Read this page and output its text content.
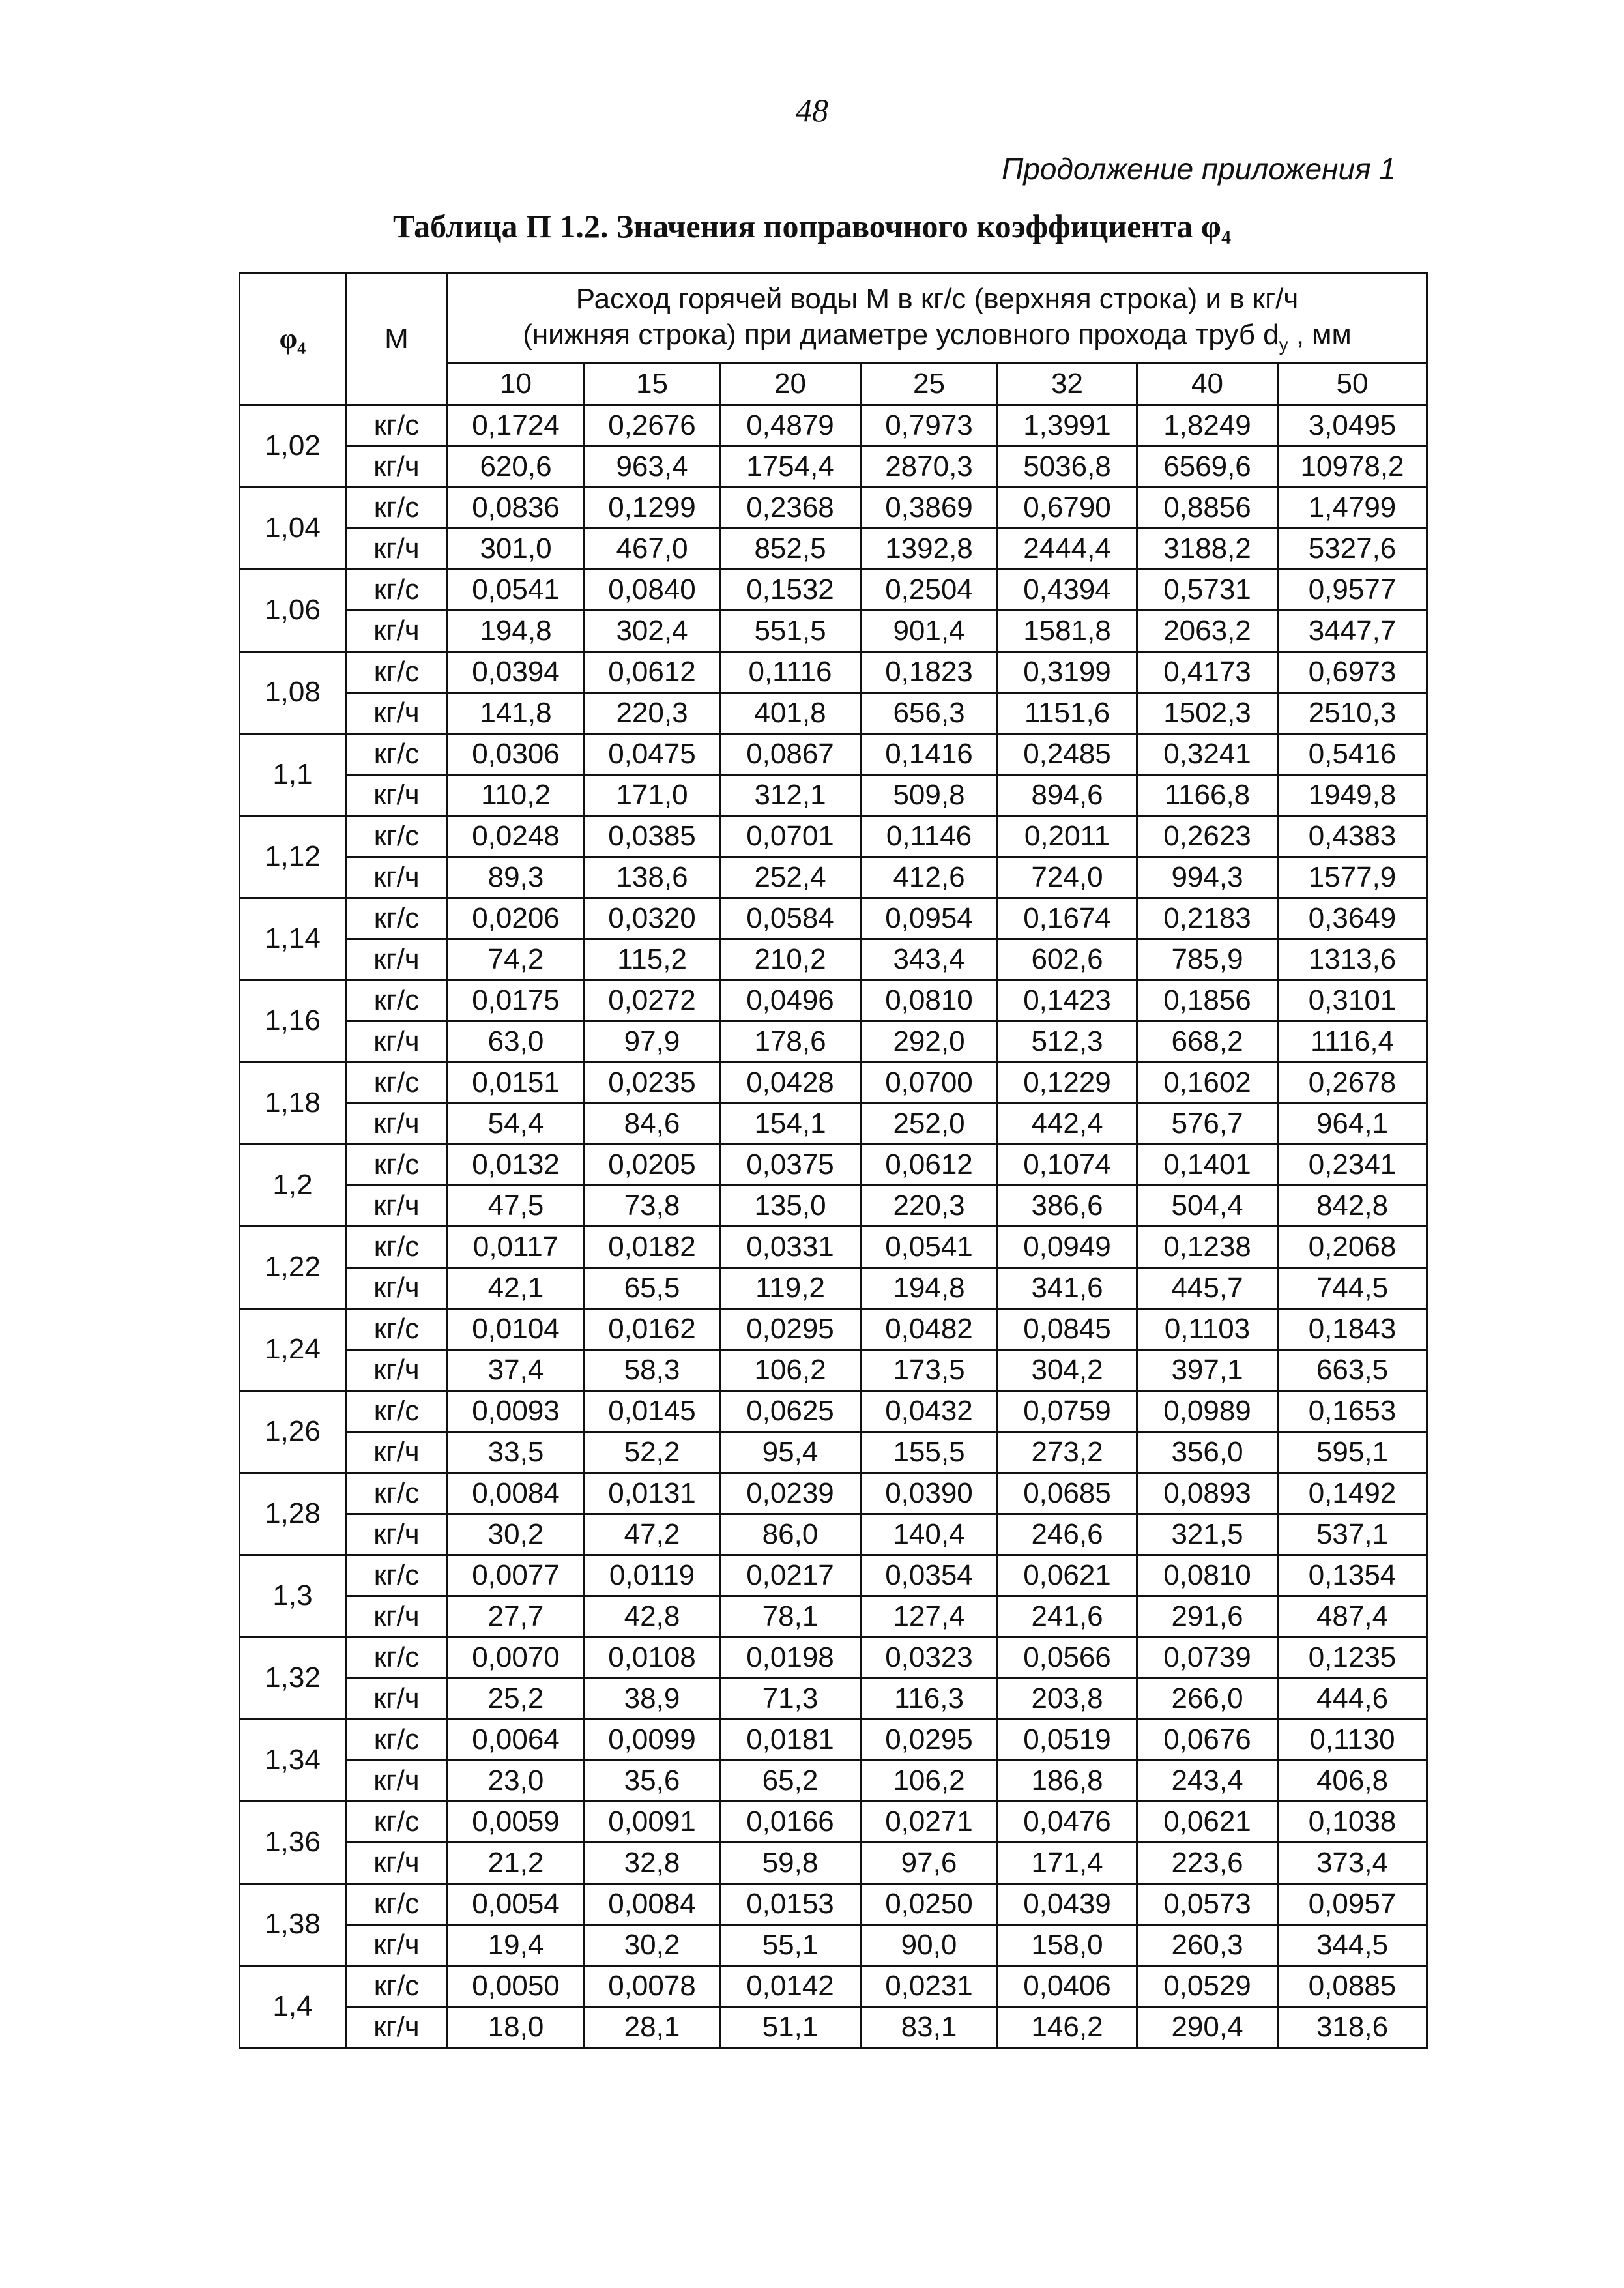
48
Продолжение приложения 1
Таблица П 1.2. Значения поправочного коэффициента φ₄
φ₄	М	Расход горячей воды М в кг/с (верхняя строка) и в кг/ч
(нижняя строка) при диаметре условного прохода труб $d_у$ , мм						

		10	15	20	25	32	40	50
1,02	кг/с	0,1724	0,2676	0,4879	0,7973	1,3991	1,8249	3,0495
	кг/ч	620,6	963,4	1754,4	2870,3	5036,8	6569,6	10978,2
1,04	кг/с	0,0836	0,1299	0,2368	0,3869	0,6790	0,8856	1,4799
	кг/ч	301,0	467,0	852,5	1392,8	2444,4	3188,2	5327,6
1,06	кг/с	0,0541	0,0840	0,1532	0,2504	0,4394	0,5731	0,9577
	кг/ч	194,8	302,4	551,5	901,4	1581,8	2063,2	3447,7
1,08	кг/с	0,0394	0,0612	0,1116	0,1823	0,3199	0,4173	0,6973
	кг/ч	141,8	220,3	401,8	656,3	1151,6	1502,3	2510,3
1,1	кг/с	0,0306	0,0475	0,0867	0,1416	0,2485	0,3241	0,5416
	кг/ч	110,2	171,0	312,1	509,8	894,6	1166,8	1949,8
1,12	кг/с	0,0248	0,0385	0,0701	0,1146	0,2011	0,2623	0,4383
	кг/ч	89,3	138,6	252,4	412,6	724,0	994,3	1577,9
1,14	кг/с	0,0206	0,0320	0,0584	0,0954	0,1674	0,2183	0,3649
	кг/ч	74,2	115,2	210,2	343,4	602,6	785,9	1313,6
1,16	кг/с	0,0175	0,0272	0,0496	0,0810	0,1423	0,1856	0,3101
	кг/ч	63,0	97,9	178,6	292,0	512,3	668,2	1116,4
1,18	кг/с	0,0151	0,0235	0,0428	0,0700	0,1229	0,1602	0,2678
	кг/ч	54,4	84,6	154,1	252,0	442,4	576,7	964,1
1,2	кг/с	0,0132	0,0205	0,0375	0,0612	0,1074	0,1401	0,2341
	кг/ч	47,5	73,8	135,0	220,3	386,6	504,4	842,8
1,22	кг/с	0,0117	0,0182	0,0331	0,0541	0,0949	0,1238	0,2068
	кг/ч	42,1	65,5	119,2	194,8	341,6	445,7	744,5
1,24	кг/с	0,0104	0,0162	0,0295	0,0482	0,0845	0,1103	0,1843
	кг/ч	37,4	58,3	106,2	173,5	304,2	397,1	663,5
1,26	кг/с	0,0093	0,0145	0,0625	0,0432	0,0759	0,0989	0,1653
	кг/ч	33,5	52,2	95,4	155,5	273,2	356,0	595,1
1,28	кг/с	0,0084	0,0131	0,0239	0,0390	0,0685	0,0893	0,1492
	кг/ч	30,2	47,2	86,0	140,4	246,6	321,5	537,1
1,3	кг/с	0,0077	0,0119	0,0217	0,0354	0,0621	0,0810	0,1354
	кг/ч	27,7	42,8	78,1	127,4	241,6	291,6	487,4
1,32	кг/с	0,0070	0,0108	0,0198	0,0323	0,0566	0,0739	0,1235
	кг/ч	25,2	38,9	71,3	116,3	203,8	266,0	444,6
1,34	кг/с	0,0064	0,0099	0,0181	0,0295	0,0519	0,0676	0,1130
	кг/ч	23,0	35,6	65,2	106,2	186,8	243,4	406,8
1,36	кг/с	0,0059	0,0091	0,0166	0,0271	0,0476	0,0621	0,1038
	кг/ч	21,2	32,8	59,8	97,6	171,4	223,6	373,4
1,38	кг/с	0,0054	0,0084	0,0153	0,0250	0,0439	0,0573	0,0957
	кг/ч	19,4	30,2	55,1	90,0	158,0	260,3	344,5
1,4	кг/с	0,0050	0,0078	0,0142	0,0231	0,0406	0,0529	0,0885
	кг/ч	18,0	28,1	51,1	83,1	146,2	290,4	318,6
